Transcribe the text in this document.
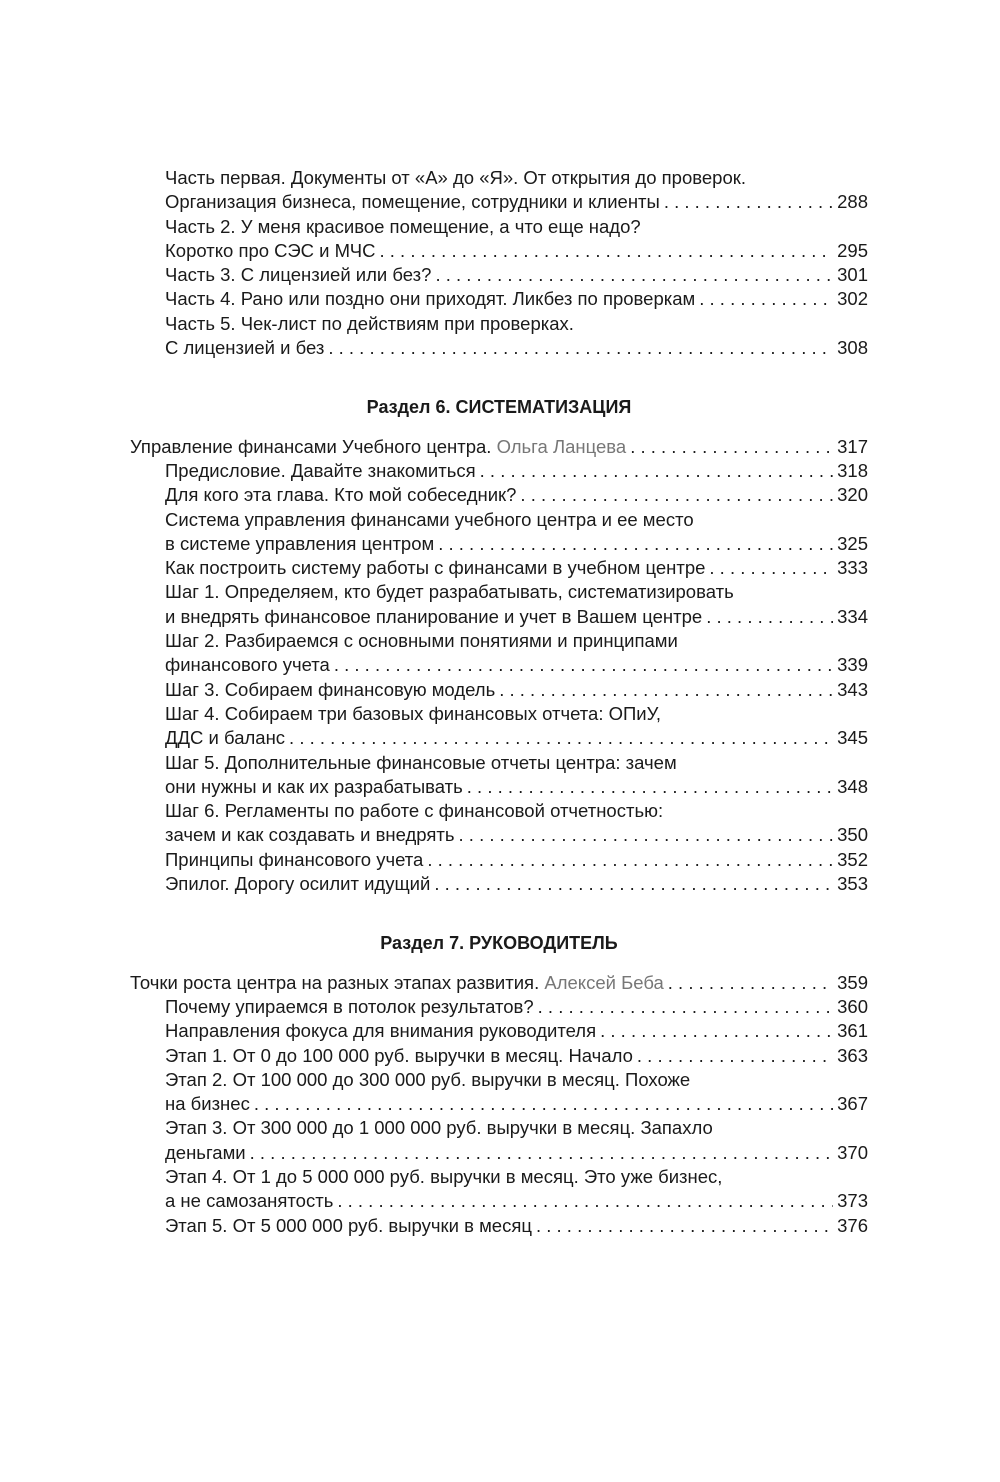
Часть первая. Документы от «А» до «Я». От открытия до проверок.
Организация бизнеса, помещение, сотрудники и клиенты . . .	288
Часть 2. У меня красивое помещение, а что еще надо?
Коротко про СЭС и МЧС . . .	295
Часть 3. С лицензией или без? . . .	301
Часть 4. Рано или поздно они приходят. Ликбез по проверкам . . .	302
Часть 5. Чек-лист по действиям при проверках.
С лицензией и без . . .	308
Раздел 6. СИСТЕМАТИЗАЦИЯ
Управление финансами Учебного центра. Ольга Ланцева . . .	317
Предисловие. Давайте знакомиться . . .	318
Для кого эта глава. Кто мой собеседник? . . .	320
Система управления финансами учебного центра и ее место
в системе управления центром . . .	325
Как построить систему работы с финансами в учебном центре . . .	333
Шаг 1. Определяем, кто будет разрабатывать, систематизировать
и внедрять финансовое планирование и учет в Вашем центре . . .	334
Шаг 2. Разбираемся с основными понятиями и принципами
финансового учета . . .	339
Шаг 3. Собираем финансовую модель . . .	343
Шаг 4. Собираем три базовых финансовых отчета: ОПиУ,
ДДС и баланс . . .	345
Шаг 5. Дополнительные финансовые отчеты центра: зачем
они нужны и как их разрабатывать . . .	348
Шаг 6. Регламенты по работе с финансовой отчетностью:
зачем и как создавать и внедрять . . .	350
Принципы финансового учета . . .	352
Эпилог. Дорогу осилит идущий . . .	353
Раздел 7. РУКОВОДИТЕЛЬ
Точки роста центра на разных этапах развития. Алексей Беба . . .	359
Почему упираемся в потолок результатов? . . .	360
Направления фокуса для внимания руководителя . . .	361
Этап 1. От 0 до 100 000 руб. выручки в месяц. Начало . . .	363
Этап 2. От 100 000 до 300 000 руб. выручки в месяц. Похоже
на бизнес . . .	367
Этап 3. От 300 000 до 1 000 000 руб. выручки в месяц. Запахло
деньгами . . .	370
Этап 4. От 1 до 5 000 000 руб. выручки в месяц. Это уже бизнес,
а не самозанятость . . .	373
Этап 5. От 5 000 000 руб. выручки в месяц . . .	376
